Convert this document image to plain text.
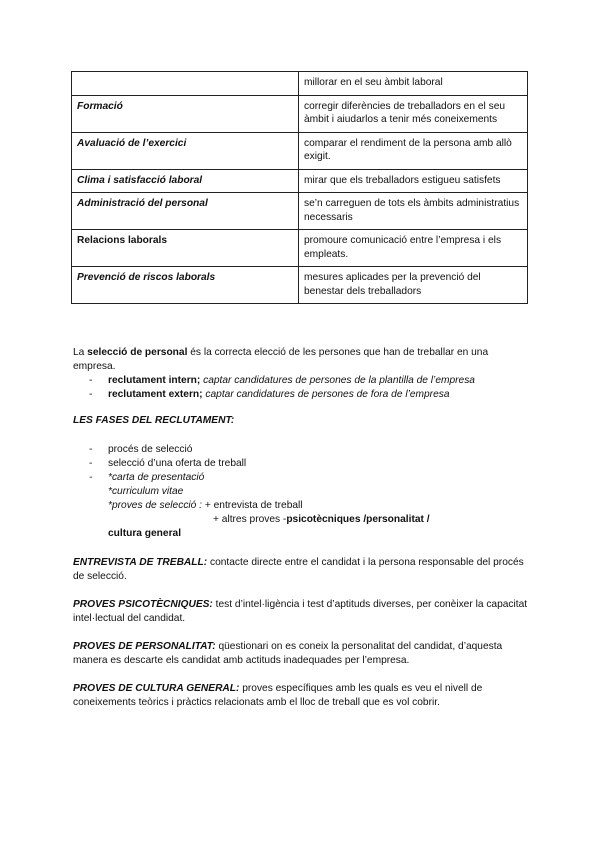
	millorar en el seu àmbit laboral
Formació	corregir diferències de treballadors en el seu àmbit i aiudarlos a tenir més coneixements
Avaluació de l’exercici	comparar el rendiment de la persona amb allò exigit.
Clima i satisfacció laboral	mirar que els treballadors estigueu satisfets
Administració del personal	se’n carreguen de tots els àmbits administratius necessaris
Relacions laborals	promoure comunicació entre l’empresa i els empleats.
Prevenció de riscos laborals	mesures aplicades per la prevenció del benestar dels treballadors

La selecció de personal és la correcta elecció de les persones que han de treballar en una empresa.

- reclutament intern; captar candidatures de persones de la plantilla de l’empresa
- reclutament extern; captar candidatures de persones de fora de l’empresa

LES FASES DEL RECLUTAMENT:

- procés de selecció
- selecció d’una oferta de treball
- *carta de presentació

*curriculum vitae

*proves de selecció : + entrevista de treball

+ altres proves -psicotècniques /personalitat /

cultura general

ENTREVISTA DE TREBALL: contacte directe entre el candidat i la persona responsable del procés de selecció.

PROVES PSICOTÈCNIQUES: test d’intel·ligència i test d’aptituds diverses, per conèixer la capacitat intel·lectual del candidat.

PROVES DE PERSONALITAT: qüestionari on es coneix la personalitat del candidat, d’aquesta manera es descarte els candidat amb actituds inadequades per l’empresa.

PROVES DE CULTURA GENERAL: proves específiques amb les quals es veu el nivell de coneixements teòrics i pràctics relacionats amb el lloc de treball que es vol cobrir.
